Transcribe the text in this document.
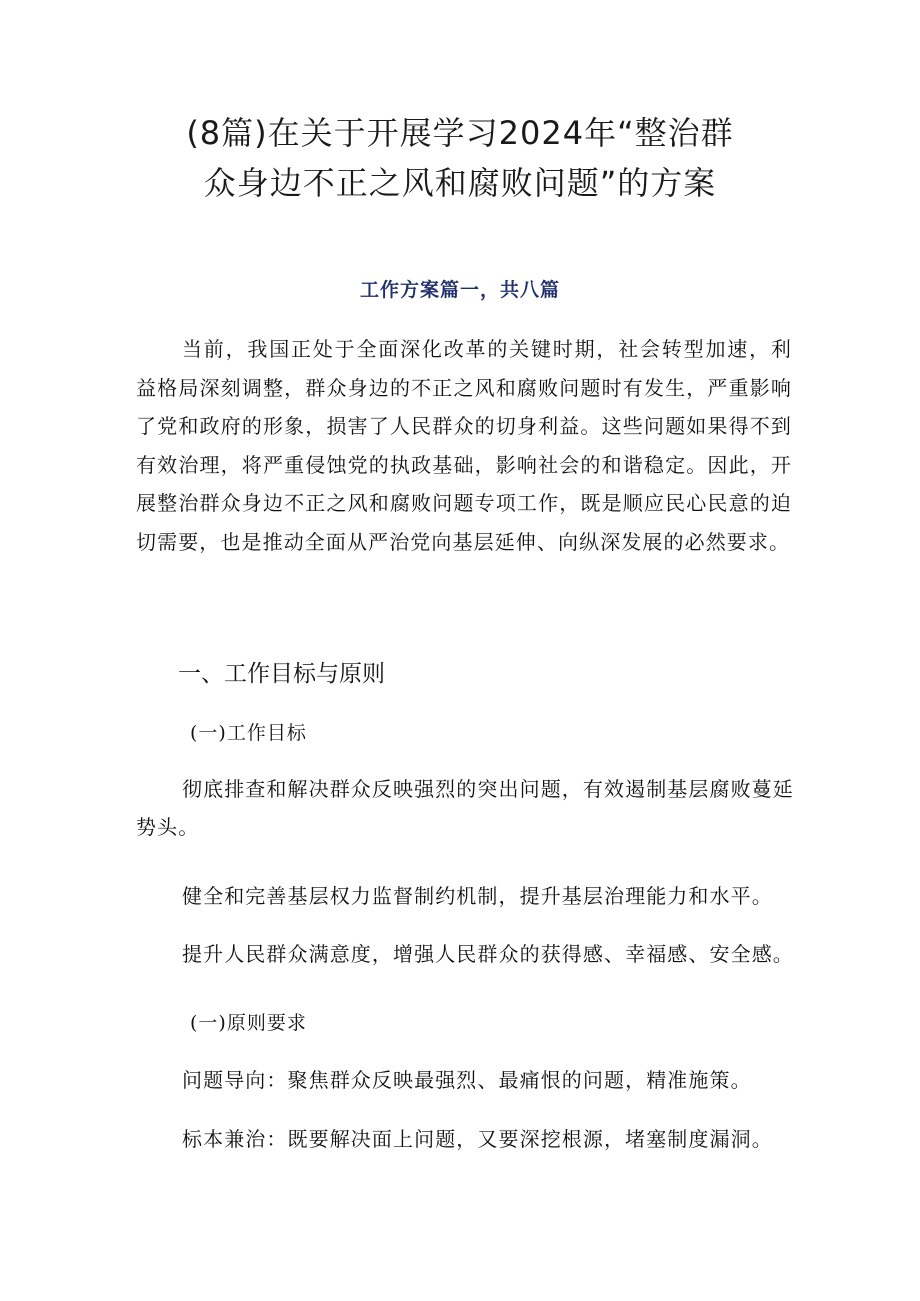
(8篇)在关于开展学习2024年“整治群
众身边不正之风和腐败问题”的方案
工作方案篇一，共八篇

当前，我国正处于全面深化改革的关键时期，社会转型加速，利益格局深刻调整，群众身边的不正之风和腐败问题时有发生，严重影响了党和政府的形象，损害了人民群众的切身利益。这些问题如果得不到有效治理，将严重侵蚀党的执政基础，影响社会的和谐稳定。因此，开展整治群众身边不正之风和腐败问题专项工作，既是顺应民心民意的迫切需要，也是推动全面从严治党向基层延伸、向纵深发展的必然要求。

一、工作目标与原则
(一)工作目标

彻底排查和解决群众反映强烈的突出问题，有效遏制基层腐败蔓延势头。

健全和完善基层权力监督制约机制，提升基层治理能力和水平。

提升人民群众满意度，增强人民群众的获得感、幸福感、安全感。

(一)原则要求

问题导向：聚焦群众反映最强烈、最痛恨的问题，精准施策。

标本兼治：既要解决面上问题，又要深挖根源，堵塞制度漏洞。
